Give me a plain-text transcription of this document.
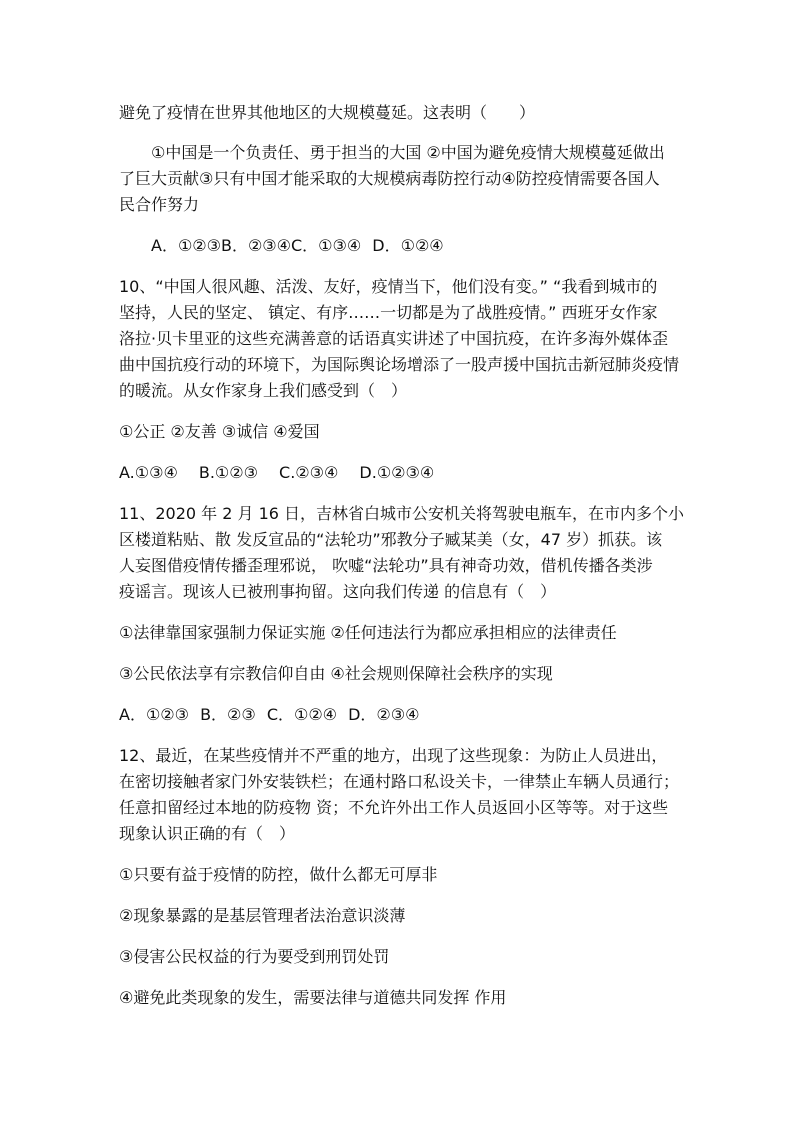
避免了疫情在世界其他地区的大规模蔓延。这表明（　　）
①中国是一个负责任、勇于担当的大国 ②中国为避免疫情大规模蔓延做出
了巨大贡献③只有中国才能采取的大规模病毒防控行动④防控疫情需要各国人
民合作努力
A．①②③B．②③④C．①③④ D．①②④
10、“中国人很风趣、活泼、友好，疫情当下，他们没有变。” “我看到城市的
坚持，人民的坚定、 镇定、有序……一切都是为了战胜疫情。” 西班牙女作家
洛拉·贝卡里亚的这些充满善意的话语真实讲述了中国抗疫，在许多海外媒体歪
曲中国抗疫行动的环境下，为国际舆论场增添了一股声援中国抗击新冠肺炎疫情
的暖流。从女作家身上我们感受到（　）
①公正 ②友善 ③诚信 ④爱国
A.①③④　 B.①②③　 C.②③④　 D.①②③④
11、2020 年 2 月 16 日，吉林省白城市公安机关将驾驶电瓶车，在市内多个小
区楼道粘贴、散 发反宣品的“法轮功”邪教分子臧某美（女，47 岁）抓获。该
人妄图借疫情传播歪理邪说， 吹嘘“法轮功”具有神奇功效，借机传播各类涉
疫谣言。现该人已被刑事拘留。这向我们传递 的信息有（　）
①法律靠国家强制力保证实施 ②任何违法行为都应承担相应的法律责任
③公民依法享有宗教信仰自由 ④社会规则保障社会秩序的实现
A．①②③ B．②③ C．①②④ D．②③④
12、最近，在某些疫情并不严重的地方，出现了这些现象：为防止人员进出，
在密切接触者家门外安装铁栏；在通村路口私设关卡，一律禁止车辆人员通行；
任意扣留经过本地的防疫物 资；不允许外出工作人员返回小区等等。对于这些
现象认识正确的有（　）
①只要有益于疫情的防控，做什么都无可厚非
②现象暴露的是基层管理者法治意识淡薄
③侵害公民权益的行为要受到刑罚处罚
④避免此类现象的发生，需要法律与道德共同发挥 作用
